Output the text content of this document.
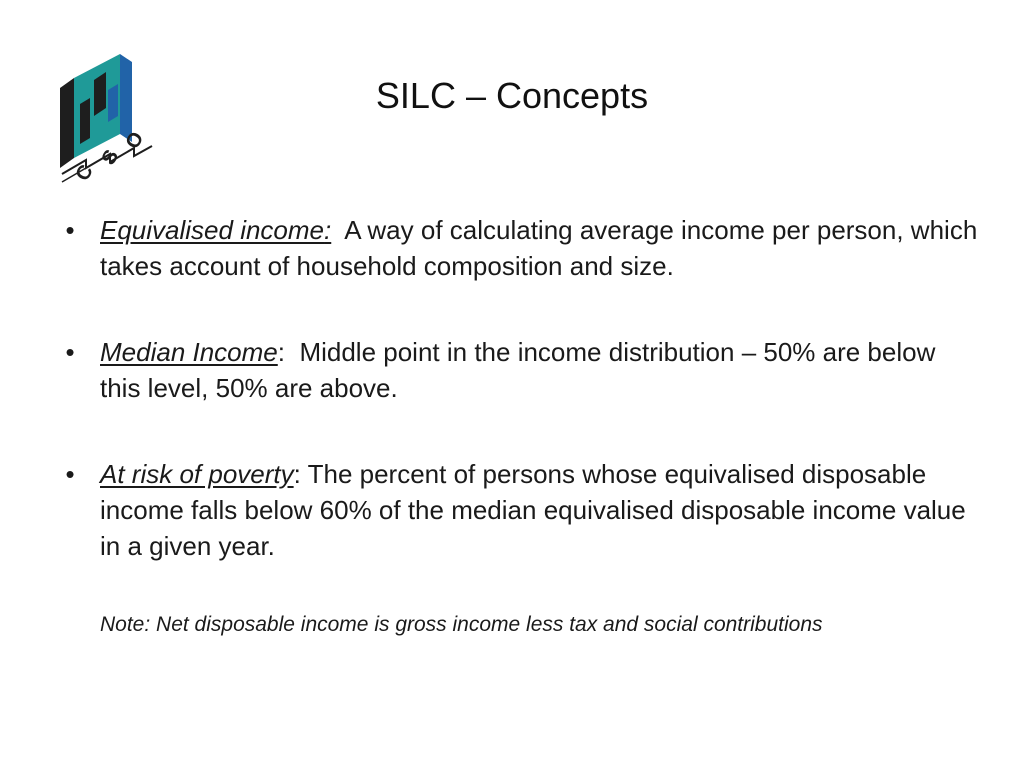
C
S
O
SILC – Concepts
• Equivalised income:  A way of calculating average income per person, which takes account of household composition and size.
• Median Income:  Middle point in the income distribution – 50% are below this level, 50% are above.
• At risk of poverty: The percent of persons whose equivalised disposable income falls below 60% of the median equivalised disposable income value in a given year.
Note: Net disposable income is gross income less tax and social contributions
